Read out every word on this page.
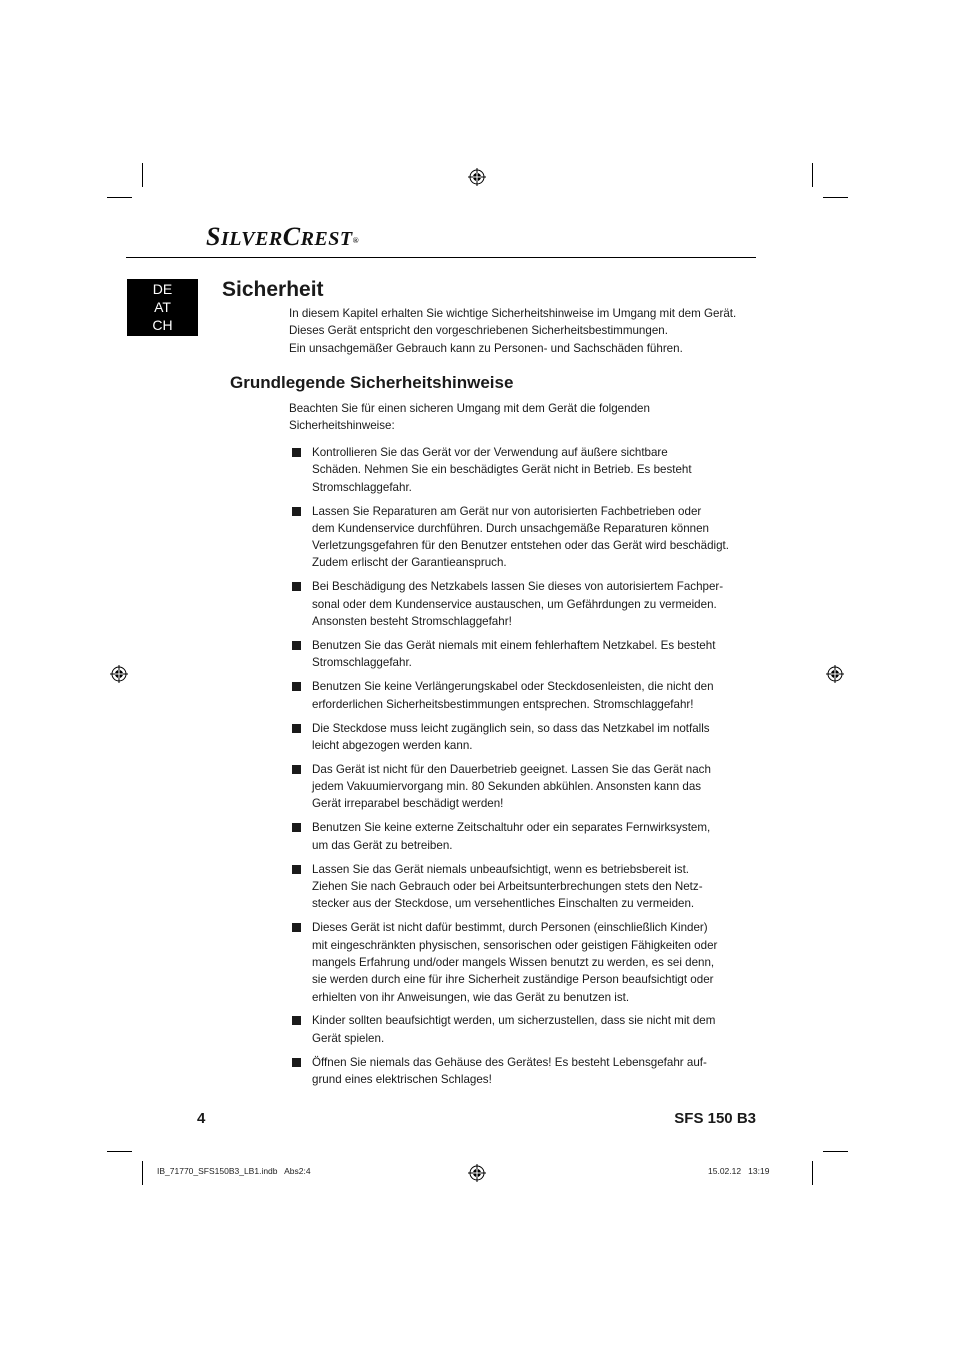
SILVERCREST®
DE
AT
CH
Sicherheit
In diesem Kapitel erhalten Sie wichtige Sicherheitshinweise im Umgang mit dem Gerät.
Dieses Gerät entspricht den vorgeschriebenen Sicherheitsbestimmungen.
Ein unsachgemäßer Gebrauch kann zu Personen- und Sachschäden führen.
Grundlegende Sicherheitshinweise
Beachten Sie für einen sicheren Umgang mit dem Gerät die folgenden
Sicherheitshinweise:
Kontrollieren Sie das Gerät vor der Verwendung auf äußere sichtbare
Schäden. Nehmen Sie ein beschädigtes Gerät nicht in Betrieb. Es besteht
Stromschlaggefahr.
Lassen Sie Reparaturen am Gerät nur von autorisierten Fachbetrieben oder
dem Kundenservice durchführen. Durch unsachgemäße Reparaturen können
Verletzungsgefahren für den Benutzer entstehen oder das Gerät wird beschädigt.
Zudem erlischt der Garantieanspruch.
Bei Beschädigung des Netzkabels lassen Sie dieses von autorisiertem Fachper-
sonal oder dem Kundenservice austauschen, um Gefährdungen zu vermeiden.
Ansonsten besteht Stromschlaggefahr!
Benutzen Sie das Gerät niemals mit einem fehlerhaftem Netzkabel. Es besteht
Stromschlaggefahr.
Benutzen Sie keine Verlängerungskabel oder Steckdosenleisten, die nicht den
erforderlichen Sicherheitsbestimmungen entsprechen. Stromschlaggefahr!
Die Steckdose muss leicht zugänglich sein, so dass das Netzkabel im notfalls
leicht abgezogen werden kann.
Das Gerät ist nicht für den Dauerbetrieb geeignet. Lassen Sie das Gerät nach
jedem Vakuumiervorgang min. 80 Sekunden abkühlen. Ansonsten kann das
Gerät irreparabel beschädigt werden!
Benutzen Sie keine externe Zeitschaltuhr oder ein separates Fernwirksystem,
um das Gerät zu betreiben.
Lassen Sie das Gerät niemals unbeaufsichtigt, wenn es betriebsbereit ist.
Ziehen Sie nach Gebrauch oder bei Arbeitsunterbrechungen stets den Netz-
stecker aus der Steckdose, um versehentliches Einschalten zu vermeiden.
Dieses Gerät ist nicht dafür bestimmt, durch Personen (einschließlich Kinder)
mit eingeschränkten physischen, sensorischen oder geistigen Fähigkeiten oder
mangels Erfahrung und/oder mangels Wissen benutzt zu werden, es sei denn,
sie werden durch eine für ihre Sicherheit zuständige Person beaufsichtigt oder
erhielten von ihr Anweisungen, wie das Gerät zu benutzen ist.
Kinder sollten beaufsichtigt werden, um sicherzustellen, dass sie nicht mit dem
Gerät spielen.
Öffnen Sie niemals das Gehäuse des Gerätes! Es besteht Lebensgefahr auf-
grund eines elektrischen Schlages!
4	SFS 150 B3
IB_71770_SFS150B3_LB1.indb   Abs2:4	15.02.12   13:19
